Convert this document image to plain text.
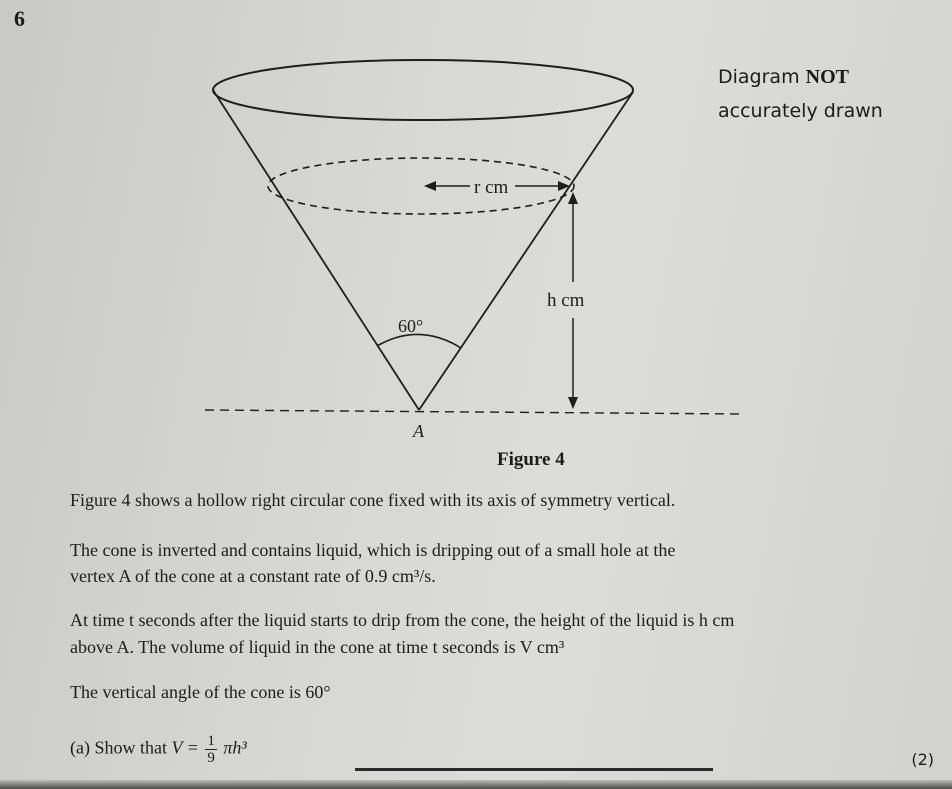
6
Diagram NOT
accurately drawn
r cm
h cm
60°
A
Figure 4
Figure 4 shows a hollow right circular cone fixed with its axis of symmetry vertical.
The cone is inverted and contains liquid, which is dripping out of a small hole at the
vertex A of the cone at a constant rate of 0.9 cm³/s.
At time t seconds after the liquid starts to drip from the cone, the height of the liquid is h cm
above A. The volume of liquid in the cone at time t seconds is V cm³
The vertical angle of the cone is 60°
(a) Show that $V = \frac{1}{9} \pi h^3$
(2)
